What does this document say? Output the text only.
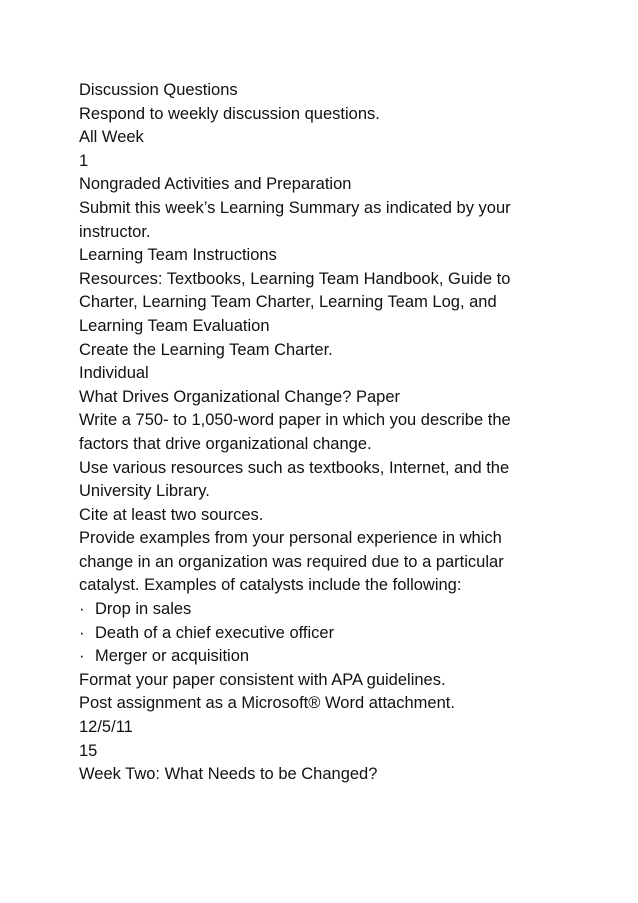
Discussion Questions
Respond to weekly discussion questions.
All Week
1
Nongraded Activities and Preparation
Submit this week’s Learning Summary as indicated by your
instructor.
Learning Team Instructions
Resources: Textbooks, Learning Team Handbook, Guide to
Charter, Learning Team Charter, Learning Team Log, and
Learning Team Evaluation
Create the Learning Team Charter.
Individual
What Drives Organizational Change? Paper
Write a 750- to 1,050-word paper in which you describe the
factors that drive organizational change.
Use various resources such as textbooks, Internet, and the
University Library.
Cite at least two sources.
Provide examples from your personal experience in which
change in an organization was required due to a particular
catalyst. Examples of catalysts include the following:
· Drop in sales
· Death of a chief executive officer
· Merger or acquisition
Format your paper consistent with APA guidelines.
Post assignment as a Microsoft® Word attachment.
12/5/11
15
Week Two: What Needs to be Changed?
